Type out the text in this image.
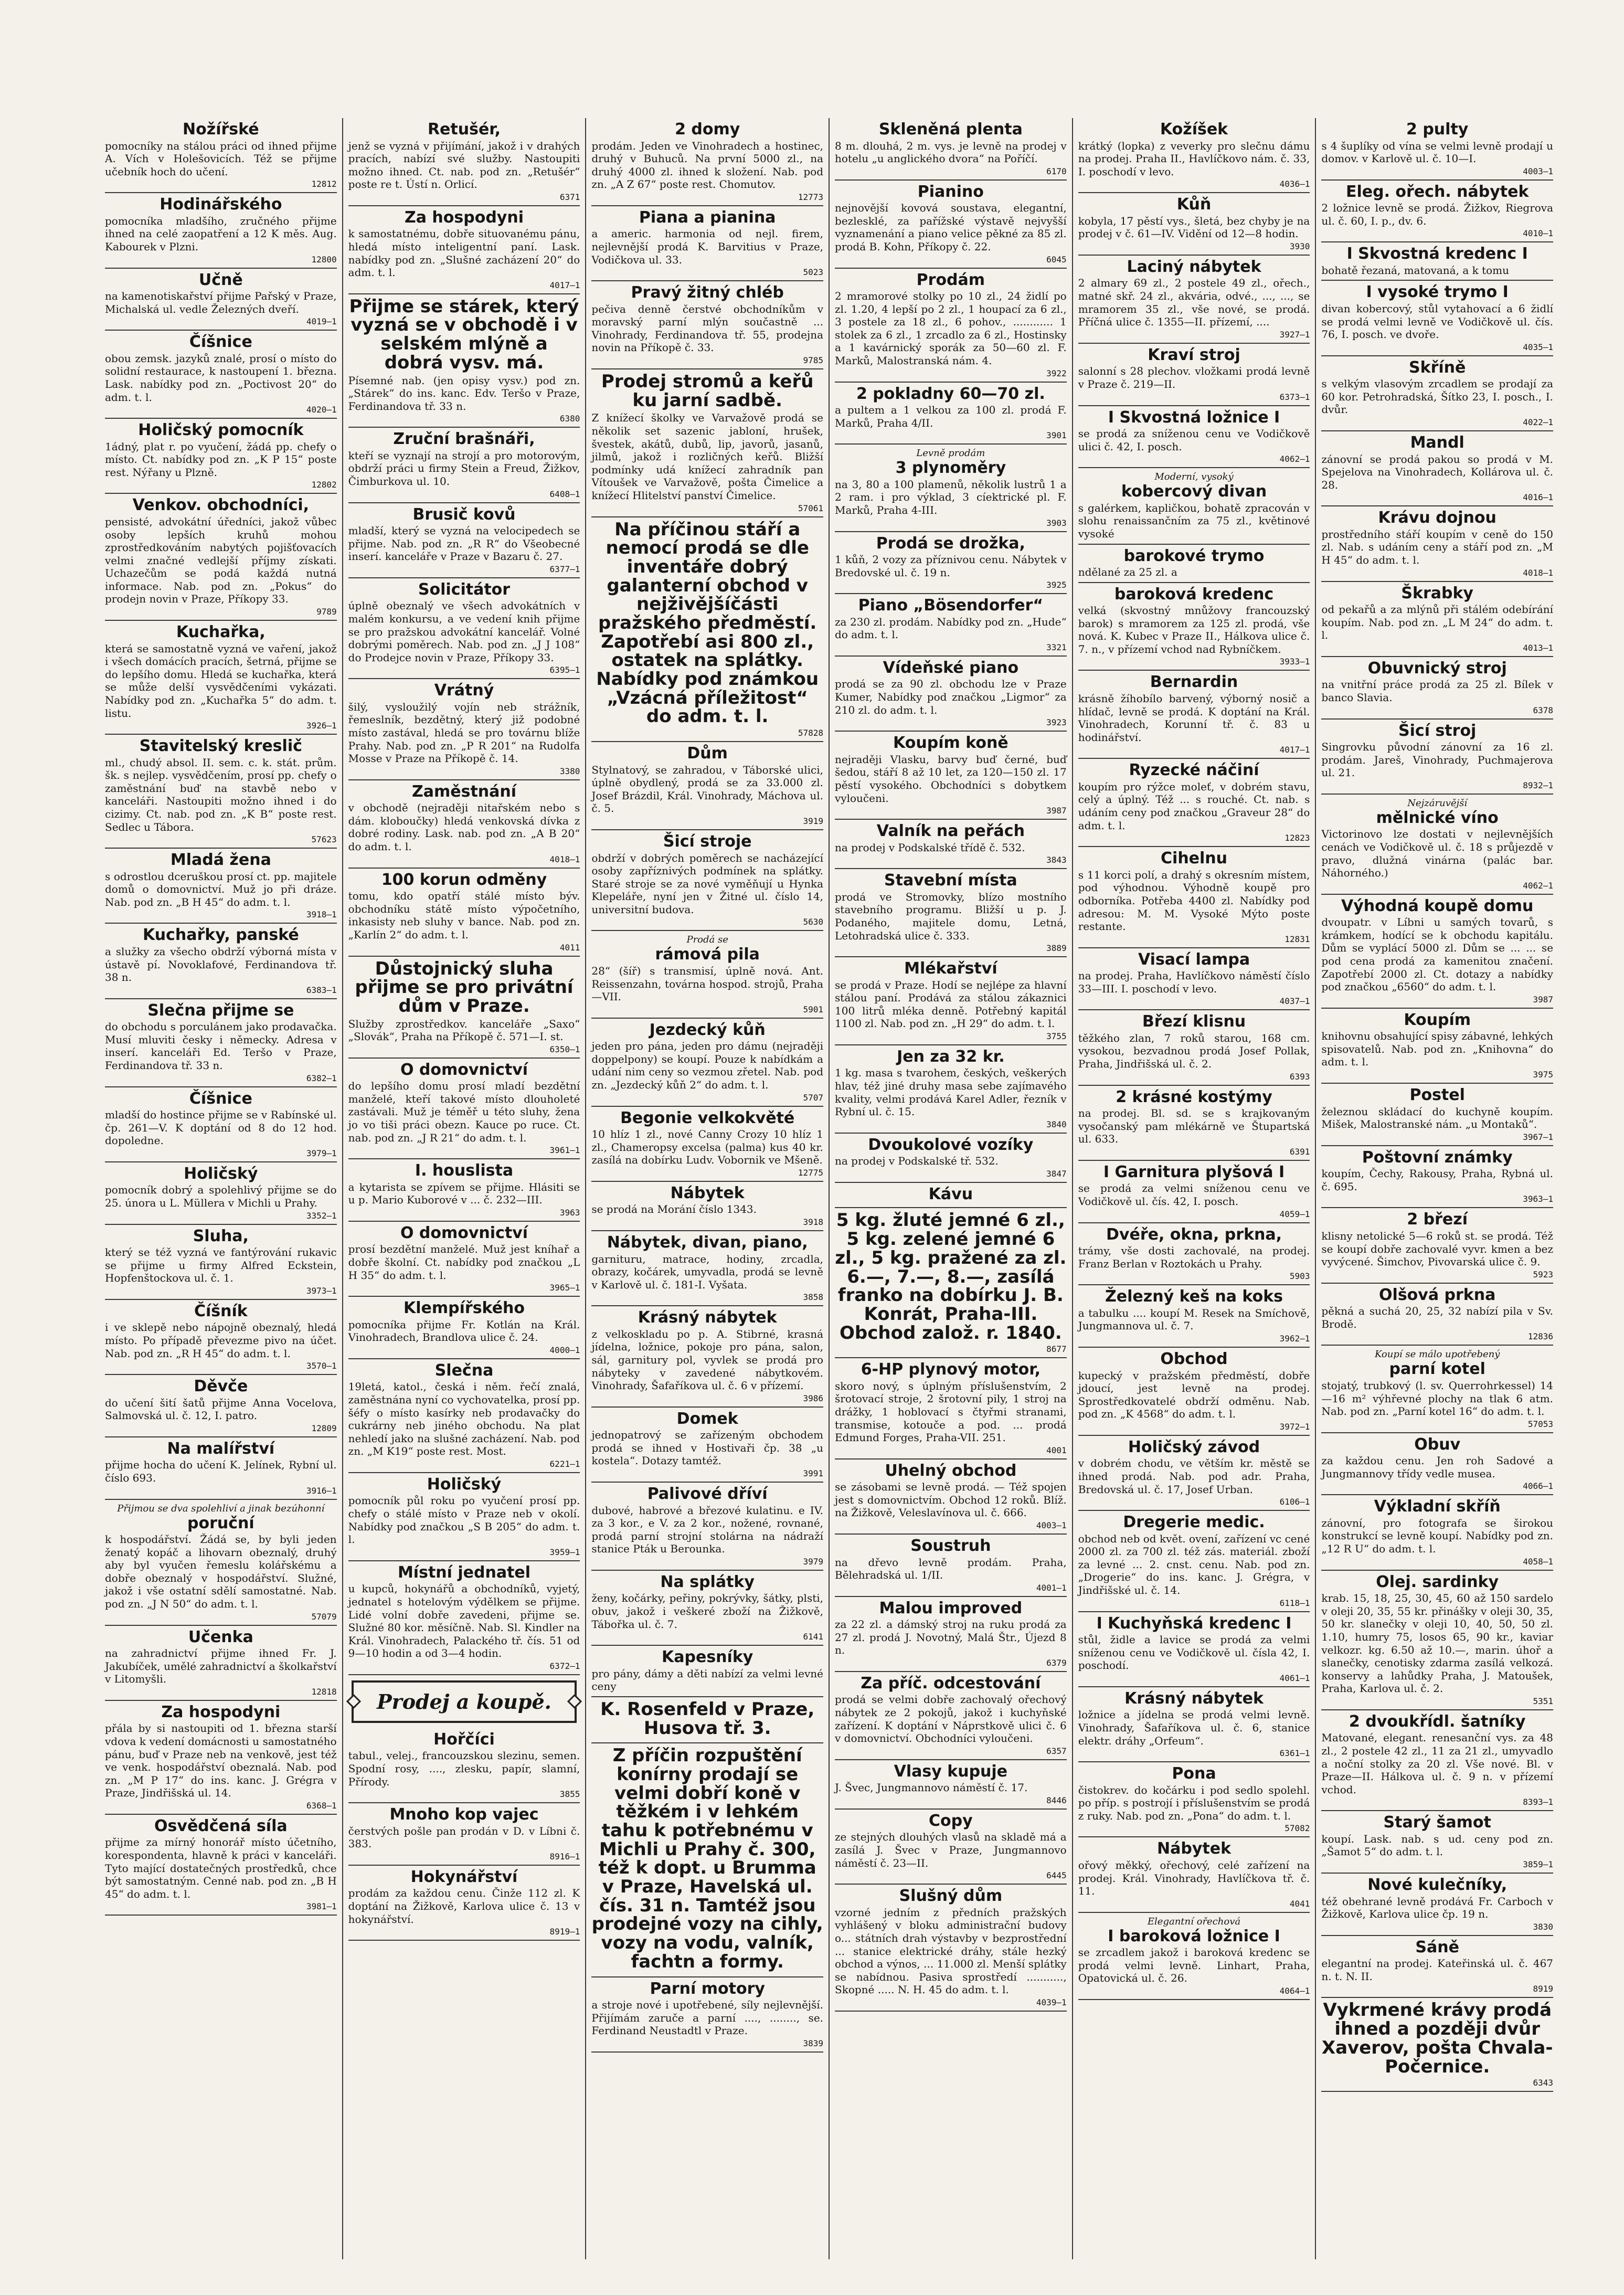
Nožířské
pomocníky na stálou práci od ihned přijme A. Vích v Holešovicích. Též se přijme učebník hoch do učení.
12812
Hodinářského
pomocníka mladšího, zručného přijme ihned na celé zaopatření a 12 K měs. Aug. Kabourek v Plzni.
12800
Učně
na kamenotiskařství přijme Pařský v Praze, Michalská ul. vedle Železných dveří.
4019—1
Číšnice
obou zemsk. jazyků znalé, prosí o místo do solidní restaurace, k nastoupení 1. března. Lask. nabídky pod zn. „Poctivost 20“ do adm. t. l.
4020—1
Holičský pomocník
1ádný, plat r. po vyučení, žádá pp. chefy o místo. Ct. nabídky pod zn. „K P 15“ poste rest. Nýřany u Plzně.
12802
Venkov. obchodníci,
pensisté, advokátní úředníci, jakož vůbec osoby lepších kruhů mohou zprostředkováním nabytých pojišťovacích velmi značné vedlejší příjmy získati. Uchazečům se podá každá nutná informace. Nab. pod zn. „Pokus“ do prodejn novin v Praze, Příkopy 33.
9789
Kuchařka,
která se samostatně vyzná ve vaření, jakož i všech domácích pracích, šetrná, přijme se do lepšího domu. Hledá se kuchařka, která se může delší vysvědčeními vykázati. Nabídky pod zn. „Kuchařka 5“ do adm. t. listu.
3926—1
Stavitelský kreslič
ml., chudý absol. II. sem. c. k. stát. prům. šk. s nejlep. vysvědčením, prosí pp. chefy o zaměstnání buď na stavbě nebo v kanceláři. Nastoupiti možno ihned i do cizimy. Ct. nab. pod zn. „K B“ poste rest. Sedlec u Tábora.
57623
Mladá žena
s odrostlou dceruškou prosí ct. pp. majitele domů o domovnictví. Muž jo při dráze. Nab. pod zn. „B H 45“ do adm. t. l.
3918—1
Kuchařky, panské
a služky za všecho obdrží výborná místa v ústavě pí. Novoklafové, Ferdinandova tř. 38 n.
6383—1
Slečna přijme se
do obchodu s porculánem jako prodavačka. Musí mluviti česky i německy. Adresa v inserí. kanceláři Ed. Teršo v Praze, Ferdinandova tř. 33 n.
6382—1
Číšnice
mladší do hostince přijme se v Rabínské ul. čp. 261—V. K doptání od 8 do 12 hod. dopoledne.
3979—1
Holičský
pomocník dobrý a spolehlivý přijme se do 25. února u L. Müllera v Michli u Prahy.
3352—1
Sluha,
který se též vyzná ve fantýrování rukavic se přijme u firmy Alfred Eckstein, Hopfenštockova ul. č. 1.
3973—1
Číšník
i ve sklepě nebo nápojně obeznalý, hledá místo. Po případě převezme pivo na účet. Nab. pod zn. „R H 45“ do adm. t. l.
3570—1
Děvče
do učení šití šatů přijme Anna Vocelova, Salmovská ul. č. 12, I. patro.
12809
Na malířství
přijme hocha do učení K. Jelínek, Rybní ul. číslo 693.
3916—1
Přijmou se dva spolehliví a jinak bezúhonní
poruční
k hospodářství. Žádá se, by byli jeden ženatý kopáč a lihovarn obeznalý, druhý aby byl vyučen řemeslu kolářskému a dobře obeznalý v hospodářství. Služné, jakož i vše ostatní sdělí samostatné. Nab. pod zn. „J N 50“ do adm. t. l.
57079
Učenka
na zahradnictví přijme ihned Fr. J. Jakubíček, umělé zahradnictví a školkařství v Litomyšli.
12818
Za hospodyni
přála by si nastoupiti od 1. března starší vdova k vedení domácnosti u samostatného pánu, buď v Praze neb na venkově, jest též ve venk. hospodářství obeznalá. Nab. pod zn. „M P 17“ do ins. kanc. J. Grégra v Praze, Jindřišská ul. 14.
6368—1
Osvědčená síla
přijme za mírný honorář místo účetního, korespondenta, hlavně k práci v kanceláři. Tyto mající dostatečných prostředků, chce být samostatným. Cenné nab. pod zn. „B H 45“ do adm. t. l.
3981—1
Retušér,
jenž se vyzná v přijímání, jakož i v drahých pracích, nabízí své služby. Nastoupiti možno ihned. Ct. nab. pod zn. „Retušér“ poste re t. Ústí n. Orlicí.
6371
Za hospodyni
k samostatnému, dobře situovanému pánu, hledá místo inteligentní paní. Lask. nabídky pod zn. „Slušné zacházení 20“ do adm. t. l.
4017—1
Přijme se stárek, který vyzná se v obchodě i v selském mlýně a dobrá vysv. má.
Písemné nab. (jen opisy vysv.) pod zn. „Stárek“ do ins. kanc. Edv. Teršo v Praze, Ferdinandova tř. 33 n.
6380
Zruční brašnáři,
kteří se vyznají na strojí a pro motorovým, obdrží práci u firmy Stein a Freud, Žižkov, Čimburkova ul. 10.
6408—1
Brusič kovů
mladší, který se vyzná na velocipedech se přijme. Nab. pod zn. „R R“ do Všeobecné inserí. kanceláře v Praze v Bazaru č. 27.
6377—1
Solicitátor
úplně obeznalý ve všech advokátních v malém konkursu, a ve vedení knih přijme se pro pražskou advokátní kancelář. Volné dobrými poměrech. Nab. pod zn. „J J 108“ do Prodejce novin v Praze, Příkopy 33.
6395—1
Vrátný
šilý, vysloužilý vojín neb strážník, řemeslník, bezdětný, který již podobné místo zastával, hledá se pro továrnu blíže Prahy. Nab. pod zn. „P R 201“ na Rudolfa Mosse v Praze na Příkopě č. 14.
3380
Zaměstnání
v obchodě (nejraději nitařském nebo s dám. kloboučky) hledá venkovská dívka z dobré rodiny. Lask. nab. pod zn. „A B 20“ do adm. t. l.
4018—1
100 korun odměny
tomu, kdo opatří stálé místo býv. obchodníku státě místo výpočetního, inkasisty neb sluhy v bance. Nab. pod zn. „Karlín 2“ do adm. t. l.
4011
Důstojnický sluha přijme se pro privátní dům v Praze.
Služby zprostředkov. kanceláře „Saxo“ „Slovák“, Praha na Příkopě č. 571—I. st.
6350—1
O domovnictví
do lepšího domu prosí mladí bezdětní manželé, kteří takové místo dlouholeté zastávali. Muž je téměř u této sluhy, žena jo vo tiši práci obezn. Kauce po ruce. Ct. nab. pod zn. „J R 21“ do adm. t. l.
3961—1
I. houslista
a kytarista se zpívem se přijme. Hlásiti se u p. Mario Kuborové v ... č. 232—III.
3963
O domovnictví
prosí bezdětní manželé. Muž jest kníhař a dobře školní. Ct. nabídky pod značkou „L H 35“ do adm. t. l.
3965—1
Klempířského
pomocníka přijme Fr. Kotlán na Král. Vinohradech, Brandlova ulice č. 24.
4000—1
Slečna
19letá, katol., česká i něm. řečí znalá, zaměstnána nyní co vychovatelka, prosí pp. šéfy o místo kasírky neb prodavačky do cukrárny neb jiného obchodu. Na plat nehledí jako na slušné zacházení. Nab. pod zn. „M K19“ poste rest. Most.
6221—1
Holičský
pomocník půl roku po vyučení prosí pp. chefy o stálé místo v Praze neb v okolí. Nabídky pod značkou „S B 205“ do adm. t. l.
3959—1
Místní jednatel
u kupců, hokynářů a obchodníků, vyjetý, jednatel s hotelovým výdělkem se přijme. Lidé volní dobře zavedeni, přijme se. Služné 80 kor. měsíčně. Nab. Sl. Kindler na Král. Vinohradech, Palackého tř. čís. 51 od 9—10 hodin a od 3—4 hodin.
6372—1
Prodej a koupě.
Hořčíci
tabul., velej., francouzskou slezinu, semen. Spodní rosy, ...., zlesku, papír, slamní, Přírody.
3855
Mnoho kop vajec
čerstvých pošle pan prodán v D. v Líbni č. 383.
8916—1
Hokynářství
prodám za každou cenu. Činže 112 zl. K doptání na Žižkově, Karlova ulice č. 13 v hokynářství.
8919—1
2 domy
prodám. Jeden ve Vinohradech a hostinec, druhý v Buhuců. Na první 5000 zl., na druhý 4000 zl. ihned k složení. Nab. pod zn. „A Z 67“ poste rest. Chomutov.
12773
Piana a pianina
a americ. harmonia od nejl. firem, nejlevnější prodá K. Barvitius v Praze, Vodičkova ul. 33.
5023
Pravý žitný chléb
pečiva denně čerstvé obchodníkům v moravský parní mlýn součastně ... Vinohrady, Ferdinandova tř. 55, prodejna novin na Příkopě č. 33.
9785
Prodej stromů a keřů ku jarní sadbě.
Z knížecí školky ve Varvažově prodá se několik set sazenic jabloní, hrušek, švestek, akátů, dubů, lip, javorů, jasanů, jilmů, jakož i rozličných keřů. Bližší podmínky udá knížecí zahradník pan Vítoušek ve Varvažově, pošta Čimelice a knížecí Hlitelství panství Čimelice.
57061
Na příčinou stáří a nemocí prodá se dle inventáře dobrý galanterní obchod v nejživějšíčásti pražského předměstí. Zapotřebí asi 800 zl., ostatek na splátky. Nabídky pod známkou „Vzácná příležitost“ do adm. t. l.
57828
Dům
Stylnatový, se zahradou, v Táborské ulici, úplně obydlený, prodá se za 33.000 zl. Josef Brázdil, Král. Vinohrady, Máchova ul. č. 5.
3919
Šicí stroje
obdrží v dobrých poměrech se nacházející osoby zapříznivých podmínek na splátky. Staré stroje se za nové vyměňují u Hynka Klepeláře, nyní jen v Žitné ul. číslo 14, universitní budova.
5630
Prodá se
rámová pila
28“ (šíř) s transmisí, úplně nová. Ant. Reissenzahn, továrna hospod. strojů, Praha—VII.
5901
Jezdecký kůň
jeden pro pána, jeden pro dámu (nejraději doppelpony) se koupí. Pouze k nabídkám a udání nim ceny so vezmou zřetel. Nab. pod zn. „Jezdecký kůň 2“ do adm. t. l.
5707
Begonie velkokvěté
10 hlíz 1 zl., nové Canny Crozy 10 hlíz 1 zl., Chameropsy excelsa (palma) kus 40 kr. zasílá na dobírku Ludv. Vobornik ve Mšeně.
12775
Nábytek
se prodá na Morání číslo 1343.
3918
Nábytek, divan, piano,
garnituru, matrace, hodiny, zrcadla, obrazy, kočárek, umyvadla, prodá se levně v Karlově ul. č. 181-I. Vyšata.
3858
Krásný nábytek
z velkoskladu po p. A. Stibrné, krasná jídelna, ložnice, pokoje pro pána, salon, sál, garnitury pol, vyvlek se prodá pro nábyteky v zavedené nábytkovém. Vinohrady, Šafaříkova ul. č. 6 v přízemí.
3986
Domek
jednopatrový se zařízeným obchodem prodá se ihned v Hostivaři čp. 38 „u kostela“. Dotazy tamtéž.
3991
Palivové dříví
dubové, habrové a březové kulatinu. e IV. za 3 kor., e V. za 2 kor., nožené, rovnané, prodá parní strojní stolárna na nádraží stanice Pták u Berounka.
3979
Na splátky
ženy, kočárky, peřiny, pokrývky, šátky, plsti, obuv, jakož i veškeré zboží na Žižkově, Tábořka ul. č. 7.
6141
Kapesníky
pro pány, dámy a děti nabízí za velmi levné ceny
K. Rosenfeld v Praze, Husova tř. 3.
Z příčin rozpuštění konírny prodají se velmi dobří koně v těžkém i v lehkém tahu k potřebnému v Michli u Prahy č. 300, též k dopt. u Brumma v Praze, Havelská ul. čís. 31 n. Tamtéž jsou prodejné vozy na cihly, vozy na vodu, valník, fachtn a formy.
Parní motory
a stroje nové i upotřebené, síly nejlevnější. Přijímám zaruče a parní ...., ........, se. Ferdinand Neustadtl v Praze.
3839
Skleněná plenta
8 m. dlouhá, 2 m. vys. je levně na prodej v hotelu „u anglického dvora“ na Poříčí.
6170
Pianino
nejnovější kovová soustava, elegantní, bezlesklé, za pařížské výstavě nejvyšší vyznamenání a piano velice pěkné za 85 zl. prodá B. Kohn, Příkopy č. 22.
6045
Prodám
2 mramorové stolky po 10 zl., 24 židlí po zl. 1.20, 4 lepší po 2 zl., 1 houpací za 6 zl., 3 postele za 18 zl., 6 pohov., ............ 1 stolek za 6 zl., 1 zrcadlo za 6 zl., Hostinsky a 1 kavárnický sporák za 50—60 zl. F. Marků, Malostranská nám. 4.
3922
2 pokladny 60—70 zl.
a pultem a 1 velkou za 100 zl. prodá F. Marků, Praha 4/II.
3901
Levně prodám
3 plynoměry
na 3, 80 a 100 plamenů, několik lustrů 1 a 2 ram. i pro výklad, 3 cíektrické pl. F. Marků, Praha 4-III.
3903
Prodá se drožka,
1 kůň, 2 vozy za příznivou cenu. Nábytek v Bredovské ul. č. 19 n.
3925
Piano „Bösendorfer“
za 230 zl. prodám. Nabídky pod zn. „Hude“ do adm. t. l.
3321
Vídeňské piano
prodá se za 90 zl. obchodu lze v Praze Kumer, Nabídky pod značkou „Ligmor“ za 210 zl. do adm. t. l.
3923
Koupím koně
nejraději Vlasku, barvy buď černé, buď šedou, stáří 8 až 10 let, za 120—150 zl. 17 pěstí vysokého. Obchodníci s dobytkem vyloučeni.
3987
Valník na peřách
na prodej v Podskalské třídě č. 532.
3843
Stavební místa
prodá ve Stromovky, blízo mostního stavebního programu. Bližší u p. J. Podaného, majitele domu, Letná, Letohradská ulice č. 333.
3889
Mlékařství
se prodá v Praze. Hodí se nejlépe za hlavní stálou paní. Prodává za stálou zákaznici 100 litrů mléka denně. Potřebný kapitál 1100 zl. Nab. pod zn. „H 29“ do adm. t. l.
3755
Jen za 32 kr.
1 kg. masa s tvarohem, českých, veškerých hlav, též jiné druhy masa sebe zajímavého kvality, velmi prodává Karel Adler, řezník v Rybní ul. č. 15.
3840
Dvoukolové vozíky
na prodej v Podskalské tř. 532.
3847
Kávu
5 kg. žluté jemné 6 zl., 5 kg. zelené jemné 6 zl., 5 kg. pražené za zl. 6.—, 7.—, 8.—, zasílá franko na dobírku J. B. Konrát, Praha-III. Obchod založ. r. 1840.
8677
6-HP plynový motor,
skoro nový, s úplným příslušenstvím, 2 šrotovací stroje, 2 šrotovní pily, 1 stroj na drážky, 1 hoblovací s čtyřmi stranami, transmise, kotouče a pod. ... prodá Edmund Forges, Praha-VII. 251.
4001
Uhelný obchod
se zásobami se levně prodá. — Též spojen jest s domovnictvím. Obchod 12 roků. Blíž. na Žižkově, Veleslavínova ul. č. 666.
4003—1
Soustruh
na dřevo levně prodám. Praha, Bělehradská ul. 1/II.
4001—1
Malou improved
za 22 zl. a dámský stroj na ruku prodá za 27 zl. prodá J. Novotný, Malá Štr., Újezd 8 n.
6379
Za příč. odcestování
prodá se velmi dobře zachovalý ořechový nábytek ze 2 pokojů, jakož i kuchyňské zařízení. K doptání v Náprstkově ulici č. 6 v domovnictví. Obchodníci vyloučeni.
6357
Vlasy kupuje
J. Švec, Jungmannovo náměstí č. 17.
8446
Copy
ze stejných dlouhých vlasů na skladě má a zasílá J. Švec v Praze, Jungmannovo náměstí č. 23—II.
6445
Slušný dům
vzorné jedním z předních pražských vyhlášený v bloku administrační budovy o... státních drah výstavby v bezprostřední ... stanice elektrické dráhy, stále hezký obchod a výnos, ... 11.000 zl. Menší splátky se nabídnou. Pasiva sprostředí ..........., Skopné ..... N. H. 45 do adm. t. l.
4039—1
Kožíšek
krátký (lopka) z veverky pro slečnu dámu na prodej. Praha II., Havlíčkovo nám. č. 33, I. poschodí v levo.
4036—1
Kůň
kobyla, 17 pěstí vys., šletá, bez chyby je na prodej v č. 61—IV. Vidění od 12—8 hodin.
3930
Laciný nábytek
2 almary 69 zl., 2 postele 49 zl., ořech., matné skř. 24 zl., akvária, odvé., ..., ..., se mramorem 35 zl., vše nové, se prodá. Příčná ulice č. 1355—II. přízemí, ....
3927—1
Kraví stroj
salonní s 28 plechov. vložkami prodá levně v Praze č. 219—II.
6373—1
I Skvostná ložnice I
se prodá za sníženou cenu ve Vodičkově ulici č. 42, I. posch.
4062—1
Moderní, vysoký
kobercový divan
s galérkem, kapličkou, bohatě zpracován v slohu renaissančním za 75 zl., květinové vysoké
barokové trymo
ndělané za 25 zl. a
baroková kredenc
velká (skvostný mnůžovy francouzský barok) s mramorem za 125 zl. prodá, vše nová. K. Kubec v Praze II., Hálkova ulice č. 7. n., v přízemí vchod nad Rybníčkem.
3933—1
Bernardin
krásně žíhobílo barvený, výborný nosič a hlídač, levně se prodá. K doptání na Král. Vinohradech, Korunní tř. č. 83 u hodinářství.
4017—1
Ryzecké náčiní
koupím pro rýžce moleť, v dobrém stavu, celý a úplný. Též ... s rouché. Ct. nab. s udáním ceny pod značkou „Graveur 28“ do adm. t. l.
12823
Cihelnu
s 11 korci polí, a drahý s okresním místem, pod výhodnou. Výhodně koupě pro odborníka. Potřeba 4400 zl. Nabídky pod adresou: M. M. Vysoké Mýto poste restante.
12831
Visací lampa
na prodej. Praha, Havlíčkovo náměstí číslo 33—III. I. poschodí v levo.
4037—1
Březí klisnu
těžkého zlan, 7 roků starou, 168 cm. vysokou, bezvadnou prodá Josef Pollak, Praha, Jindřišská ul. č. 2.
6393
2 krásné kostýmy
na prodej. Bl. sd. se s krajkovaným vysočanský pam mlékárně ve Štupartská ul. 633.
6391
I Garnitura plyšová I
se prodá za velmi sníženou cenu ve Vodičkově ul. čís. 42, I. posch.
4059—1
Dvéře, okna, prkna,
trámy, vše dosti zachovalé, na prodej. Franz Berlan v Roztokách u Prahy.
5903
Železný keš na koks
a tabulku .... koupí M. Resek na Smíchově, Jungmannova ul. č. 7.
3962—1
Obchod
kupecký v pražském předměstí, dobře jdoucí, jest levně na prodej. Sprostředkovatelé obdrží odměnu. Nab. pod zn. „K 4568“ do adm. t. l.
3972—1
Holičský závod
v dobrém chodu, ve větším kr. městě se ihned prodá. Nab. pod adr. Praha, Bredovská ul. č. 17, Josef Urban.
6106—1
Dregerie medic.
obchod neb od květ. ovení, zařízení vc cené 2000 zl. za 700 zl. též zás. materiál. zboží za levné ... 2. cnst. cenu. Nab. pod zn. „Drogerie“ do ins. kanc. J. Grégra, v Jindřišské ul. č. 14.
6118—1
I Kuchyňská kredenc I
stůl, židle a lavice se prodá za velmi sníženou cenu ve Vodičkově ul. čísla 42, I. poschodí.
4061—1
Krásný nábytek
ložnice a jídelna se prodá velmi levně. Vinohrady, Šafaříkova ul. č. 6, stanice elektr. dráhy „Orfeum“.
6361—1
Pona
čistokrev. do kočárku i pod sedlo spolehl. po příp. s postrojí i příslušenstvím se prodá z ruky. Nab. pod zn. „Pona“ do adm. t. l.
57082
Nábytek
ořový měkký, ořechový, celé zařízení na prodej. Král. Vinohrady, Havlíčkova tř. č. 11.
4041
Elegantní ořechová
I baroková ložnice I
se zrcadlem jakož i baroková kredenc se prodá velmi levně. Linhart, Praha, Opatovická ul. č. 26.
4064—1
2 pulty
s 4 šuplíky od vína se velmi levně prodají u domov. v Karlově ul. č. 10—I.
4003—1
Eleg. ořech. nábytek
2 ložnice levně se prodá. Žižkov, Riegrova ul. č. 60, I. p., dv. 6.
4010—1
I Skvostná kredenc I
bohatě řezaná, matovaná, a k tomu
I vysoké trymo I
divan kobercový, stůl vytahovací a 6 židlí se prodá velmi levně ve Vodičkově ul. čís. 76, I. posch. ve dvoře.
4035—1
Skříně
s velkým vlasovým zrcadlem se prodají za 60 kor. Petrohradská, Šítko 23, I. posch., I. dvůr.
4022—1
Mandl
zánovní se prodá pakou so prodá v M. Spejelova na Vinohradech, Kollárova ul. č. 28.
4016—1
Krávu dojnou
prostředního stáří koupím v ceně do 150 zl. Nab. s udáním ceny a stáří pod zn. „M H 45“ do adm. t. l.
4018—1
Škrabky
od pekařů a za mlýnů při stálém odebírání koupím. Nab. pod zn. „L M 24“ do adm. t. l.
4013—1
Obuvnický stroj
na vnitřní práce prodá za 25 zl. Bílek v banco Slavia.
6378
Šicí stroj
Singrovku původní zánovní za 16 zl. prodám. Jareš, Vinohrady, Puchmajerova ul. 21.
8932—1
Nejzáruvější
mělnické víno
Victorinovo lze dostati v nejlevnějších cenách ve Vodičkově ul. č. 18 s průjezdě v pravo, dlužná vinárna (palác bar. Náhorného.)
4062—1
Výhodná koupě domu
dvoupatr. v Líbni u samých tovarů, s krámkem, hodící se k obchodu kapitálu. Dům se vyplácí 5000 zl. Dům se ... ... se pod cena prodá za kamenitou značení. Zapotřebí 2000 zl. Ct. dotazy a nabídky pod značkou „6560“ do adm. t. l.
3987
Koupím
knihovnu obsahující spisy zábavné, lehkých spisovatelů. Nab. pod zn. „Knihovna“ do adm. t. l.
3975
Postel
železnou skládací do kuchyně koupím. Mišek, Malostranské nám. „u Montaků“.
3967—1
Poštovní známky
koupím, Čechy, Rakousy, Praha, Rybná ul. č. 695.
3963—1
2 březí
klisny netolické 5—6 roků st. se prodá. Též se koupí dobře zachovalé vyvr. kmen a bez vyvýcené. Šimchov, Pivovarská ulice č. 9.
5923
Olšová prkna
pěkná a suchá 20, 25, 32 nabízí pila v Sv. Brodě.
12836
Koupí se málo upotřebený
parní kotel
stojatý, trubkový (l. sv. Querrohrkessel) 14—16 m² výhřevné plochy na tlak 6 atm. Nab. pod zn. „Parní kotel 16“ do adm. t. l.
57053
Obuv
za každou cenu. Jen roh Sadové a Jungmannovy třídy vedle musea.
4066—1
Výkladní skříň
zánovní, pro fotografa se širokou konstrukcí se levně koupí. Nabídky pod zn. „12 R U“ do adm. t. l.
4058—1
Olej. sardinky
krab. 15, 18, 25, 30, 45, 60 až 150 sardelo v oleji 20, 35, 55 kr. přinášky v oleji 30, 35, 50 kr. slanečky v oleji 10, 40, 50, 50 zl. 1.10, humry 75, losos 65, 90 kr., kaviar velkozr. kg. 6.50 až 10.—, marin. úhoř a slanečky, cenotisky zdarma zasílá velkozá. konservy a lahůdky Praha, J. Matoušek, Praha, Karlova ul. č. 2.
5351
2 dvoukřídl. šatníky
Matované, elegant. renesanční vys. za 48 zl., 2 postele 42 zl., 11 za 21 zl., umyvadlo a noční stolky za 20 zl. Vše nové. Bl. v Praze—II. Hálkova ul. č. 9 n. v přízemí vchod.
8393—1
Starý šamot
koupí. Lask. nab. s ud. ceny pod zn. „Šamot 5“ do adm. t. l.
3859—1
Nové kulečníky,
též obehrané levně prodává Fr. Carboch v Žižkově, Karlova ulice čp. 19 n.
3830
Sáně
elegantní na prodej. Kateřinská ul. č. 467 n. t. N. II.
8919
Vykrmené krávy prodá ihned a později dvůr Xaverov, pošta Chvala-Počernice.
6343
